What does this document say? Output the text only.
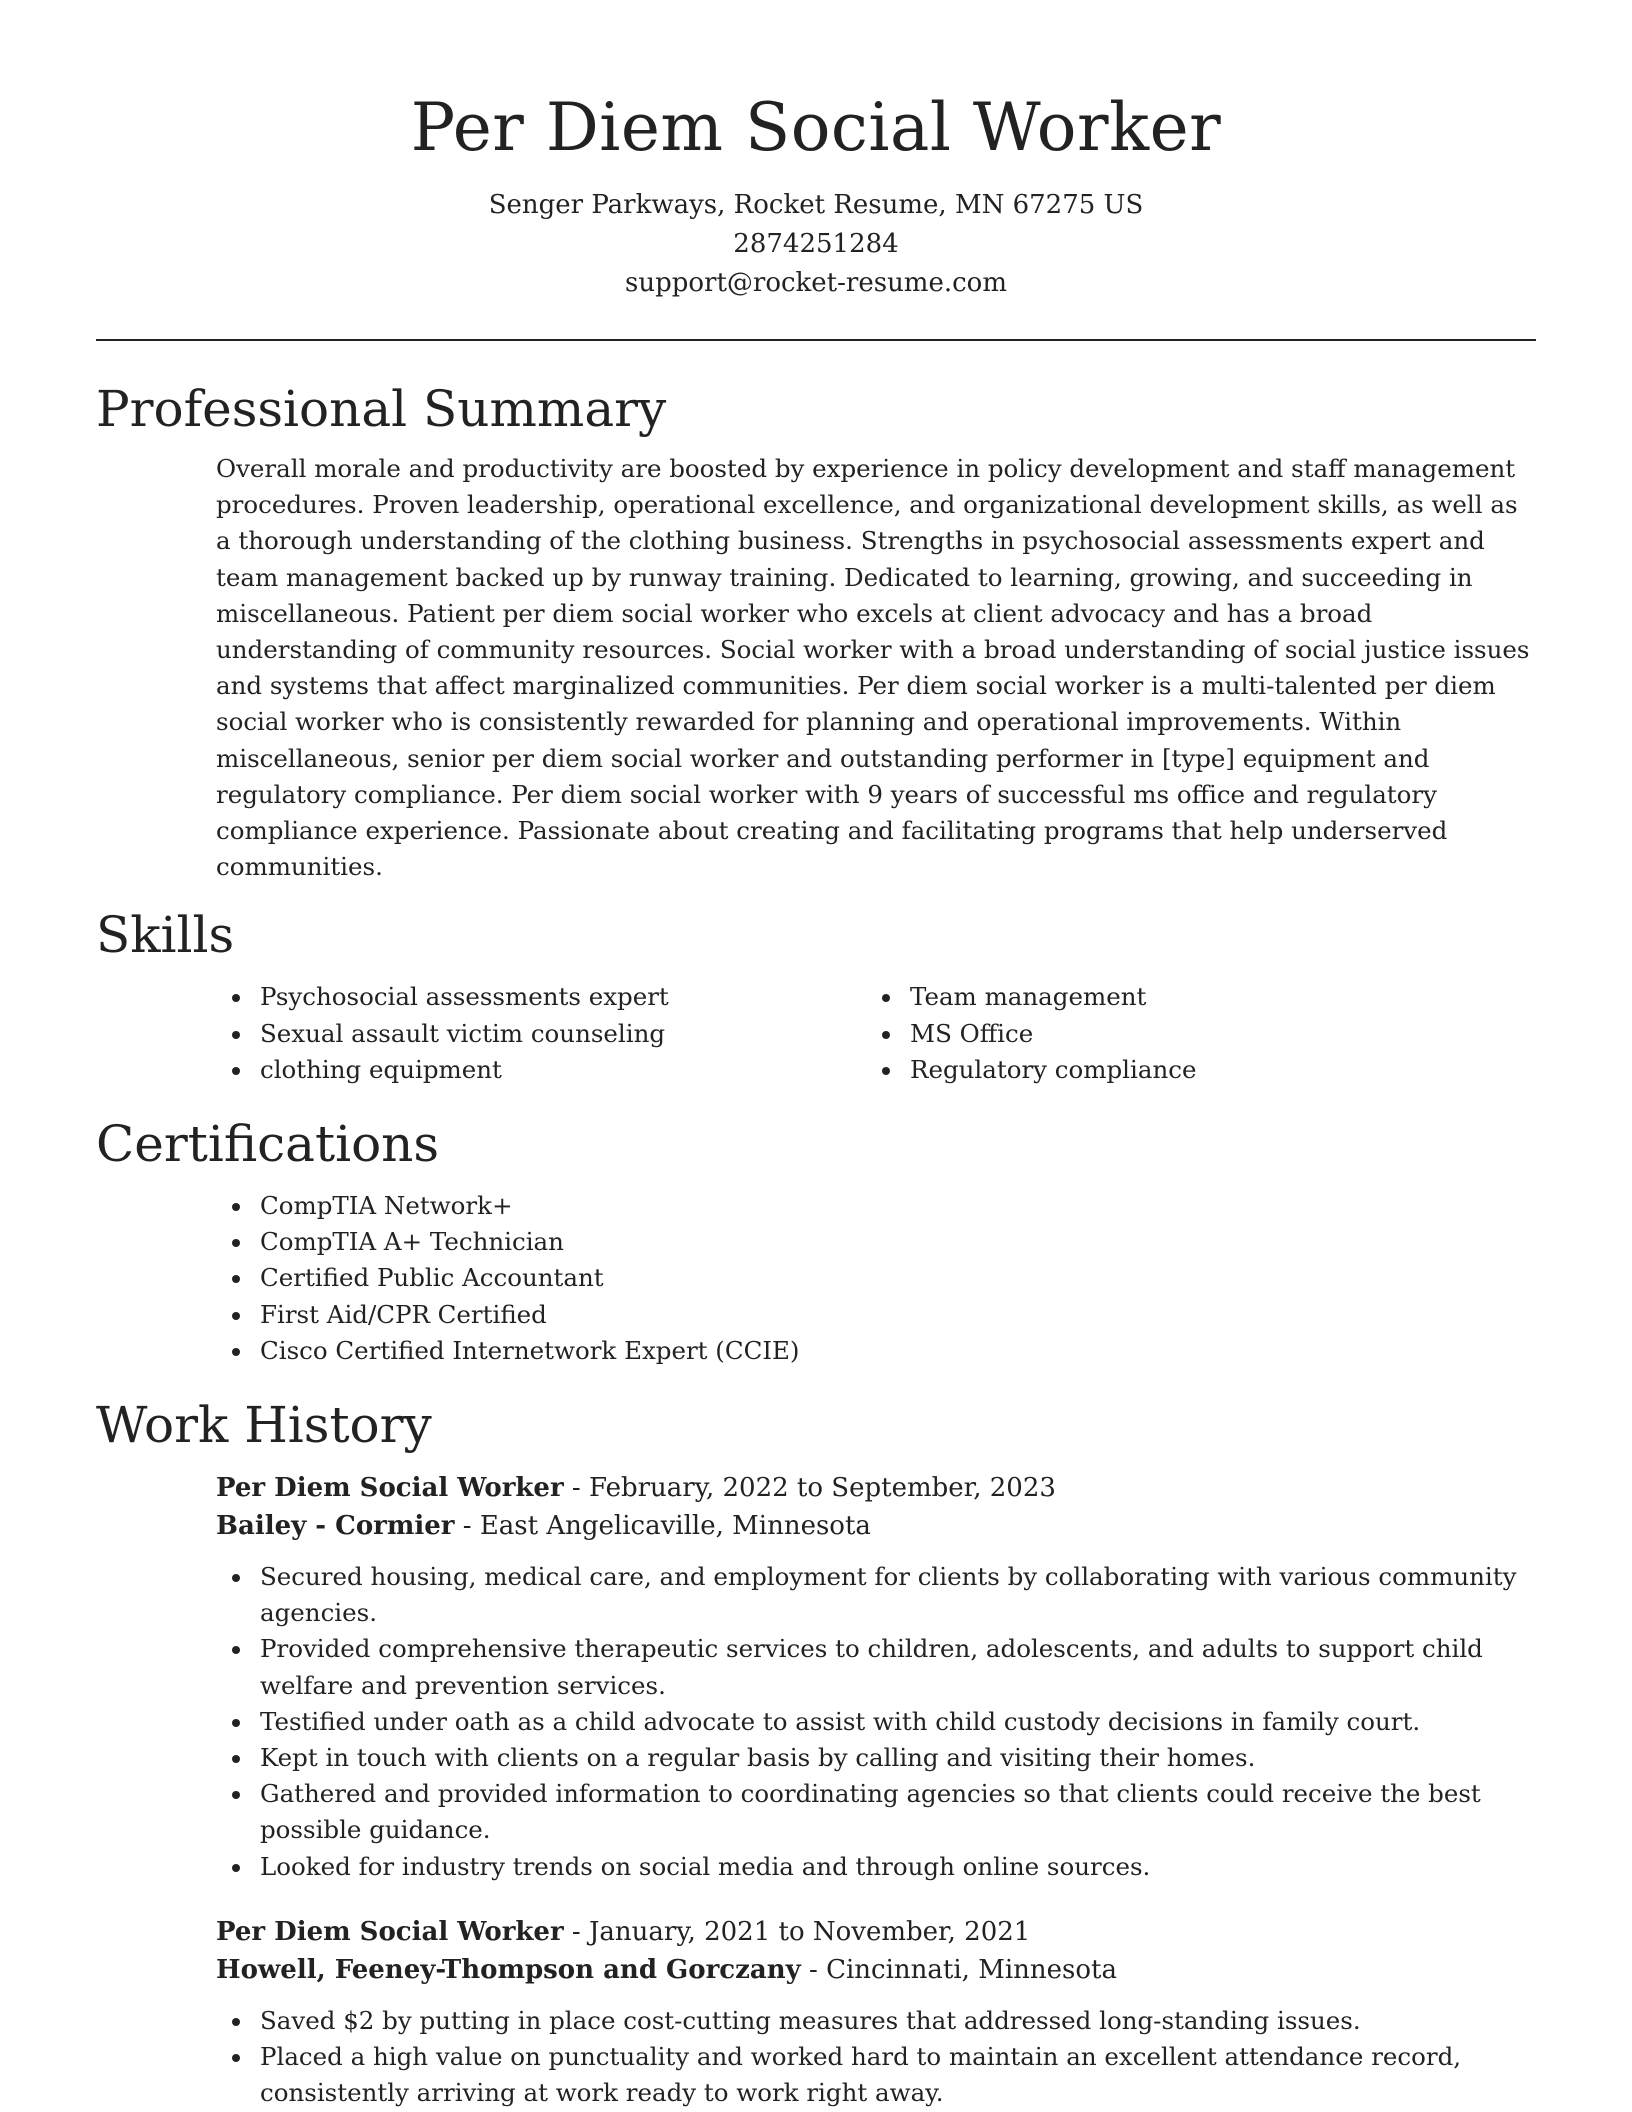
Per Diem Social Worker
Senger Parkways, Rocket Resume, MN 67275 US
2874251284
support@rocket-resume.com
Professional Summary

Overall morale and productivity are boosted by experience in policy development and staff management procedures. Proven leadership, operational excellence, and organizational development skills, as well as a thorough understanding of the clothing business. Strengths in psychosocial assessments expert and team management backed up by runway training. Dedicated to learning, growing, and succeeding in miscellaneous. Patient per diem social worker who excels at client advocacy and has a broad understanding of community resources. Social worker with a broad understanding of social justice issues and systems that affect marginalized communities. Per diem social worker is a multi-talented per diem social worker who is consistently rewarded for planning and operational improvements. Within miscellaneous, senior per diem social worker and outstanding performer in [type] equipment and regulatory compliance. Per diem social worker with 9 years of successful ms office and regulatory compliance experience. Passionate about creating and facilitating programs that help underserved communities.

Skills
Psychosocial assessments expert
Sexual assault victim counseling
clothing equipment
Team management
MS Office
Regulatory compliance
Certifications
CompTIA Network+
CompTIA A+ Technician
Certified Public Accountant
First Aid/CPR Certified
Cisco Certified Internetwork Expert (CCIE)
Work History
Per Diem Social Worker - February, 2022 to September, 2023
Bailey - Cormier - East Angelicaville, Minnesota
Secured housing, medical care, and employment for clients by collaborating with various community agencies.
Provided comprehensive therapeutic services to children, adolescents, and adults to support child welfare and prevention services.
Testified under oath as a child advocate to assist with child custody decisions in family court.
Kept in touch with clients on a regular basis by calling and visiting their homes.
Gathered and provided information to coordinating agencies so that clients could receive the best possible guidance.
Looked for industry trends on social media and through online sources.
Per Diem Social Worker - January, 2021 to November, 2021
Howell, Feeney-Thompson and Gorczany - Cincinnati, Minnesota
Saved $2 by putting in place cost-cutting measures that addressed long-standing issues.
Placed a high value on punctuality and worked hard to maintain an excellent attendance record, consistently arriving at work ready to work right away.
